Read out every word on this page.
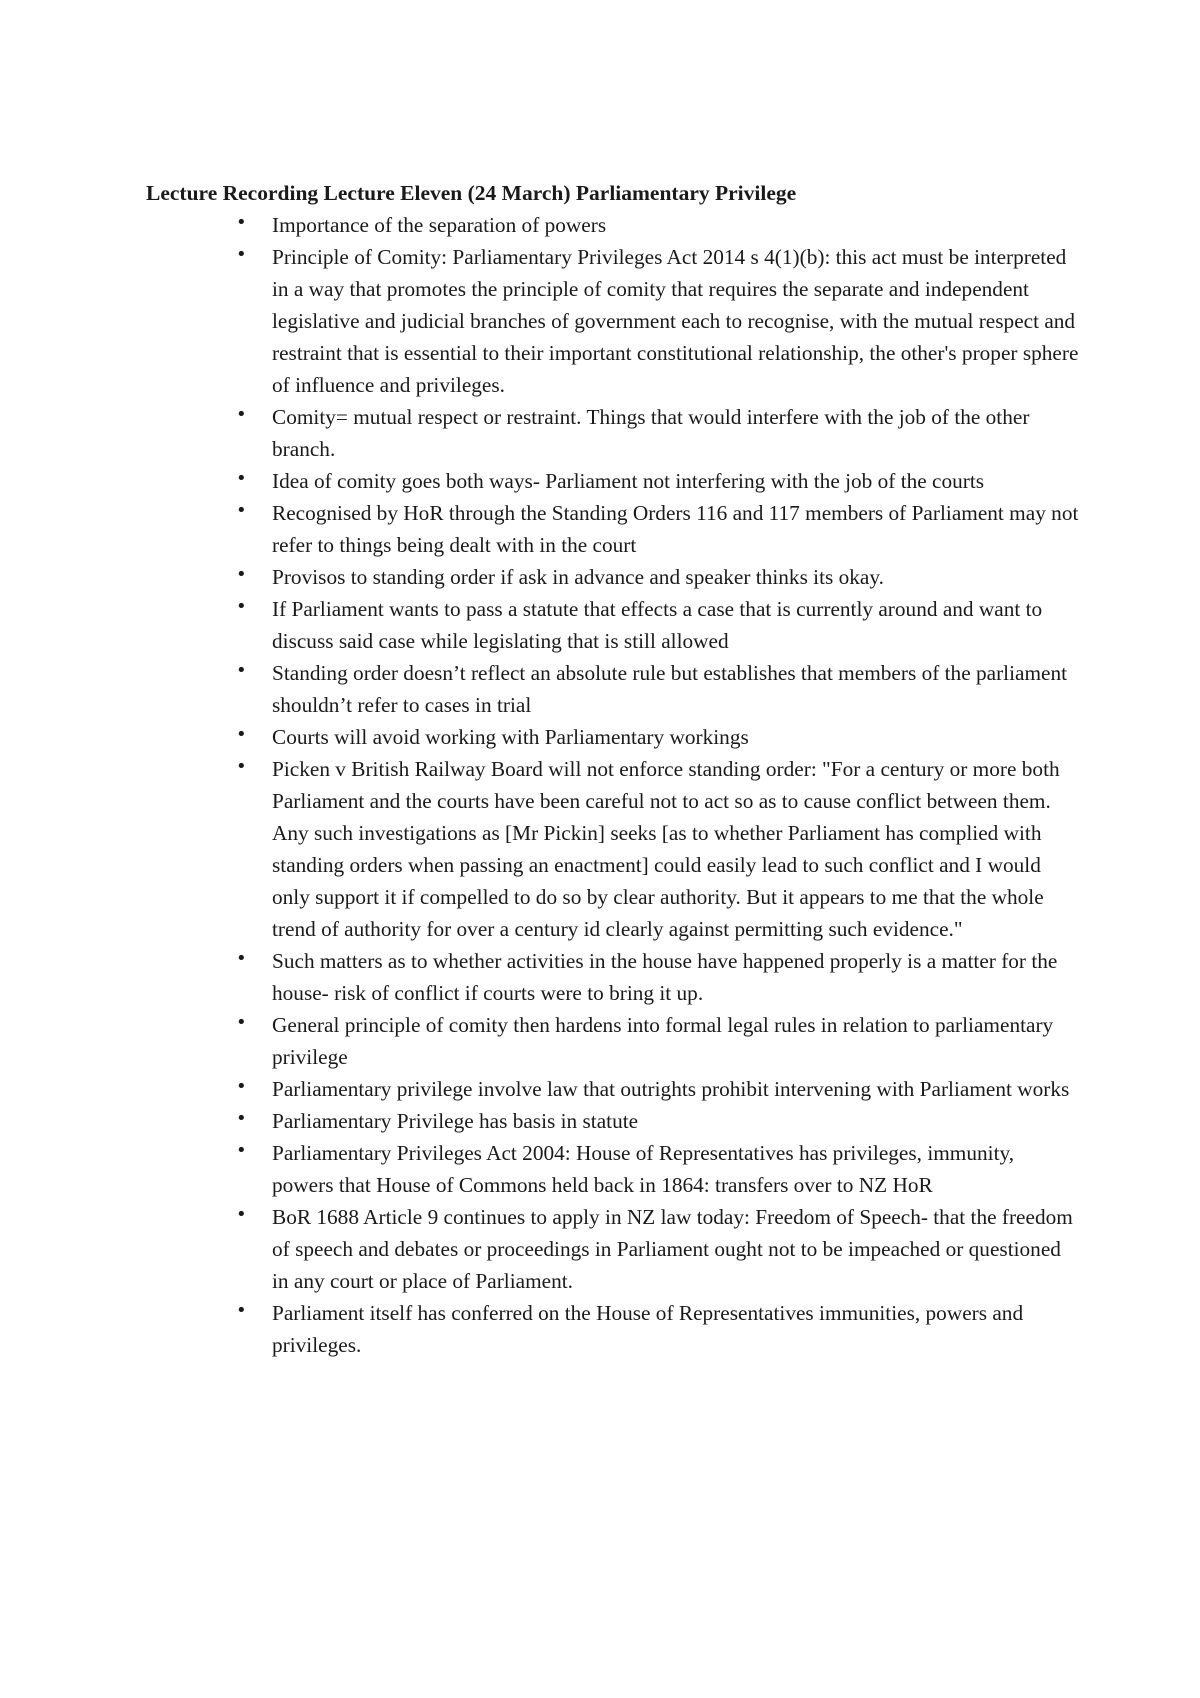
Lecture Recording Lecture Eleven (24 March) Parliamentary Privilege
• Importance of the separation of powers
• Principle of Comity: Parliamentary Privileges Act 2014 s 4(1)(b): this act must be interpreted in a way that promotes the principle of comity that requires the separate and independent legislative and judicial branches of government each to recognise, with the mutual respect and restraint that is essential to their important constitutional relationship, the other's proper sphere of influence and privileges.
• Comity= mutual respect or restraint. Things that would interfere with the job of the other branch.
• Idea of comity goes both ways- Parliament not interfering with the job of the courts
• Recognised by HoR through the Standing Orders 116 and 117 members of Parliament may not refer to things being dealt with in the court
• Provisos to standing order if ask in advance and speaker thinks its okay.
• If Parliament wants to pass a statute that effects a case that is currently around and want to discuss said case while legislating that is still allowed
• Standing order doesn’t reflect an absolute rule but establishes that members of the parliament shouldn’t refer to cases in trial
• Courts will avoid working with Parliamentary workings
• Picken v British Railway Board will not enforce standing order: "For a century or more both Parliament and the courts have been careful not to act so as to cause conflict between them. Any such investigations as [Mr Pickin] seeks [as to whether Parliament has complied with standing orders when passing an enactment] could easily lead to such conflict and I would only support it if compelled to do so by clear authority. But it appears to me that the whole trend of authority for over a century id clearly against permitting such evidence."
• Such matters as to whether activities in the house have happened properly is a matter for the house- risk of conflict if courts were to bring it up.
• General principle of comity then hardens into formal legal rules in relation to parliamentary privilege
• Parliamentary privilege involve law that outrights prohibit intervening with Parliament works
• Parliamentary Privilege has basis in statute
• Parliamentary Privileges Act 2004: House of Representatives has privileges, immunity, powers that House of Commons held back in 1864: transfers over to NZ HoR
• BoR 1688 Article 9 continues to apply in NZ law today: Freedom of Speech- that the freedom of speech and debates or proceedings in Parliament ought not to be impeached or questioned in any court or place of Parliament.
• Parliament itself has conferred on the House of Representatives immunities, powers and privileges.
